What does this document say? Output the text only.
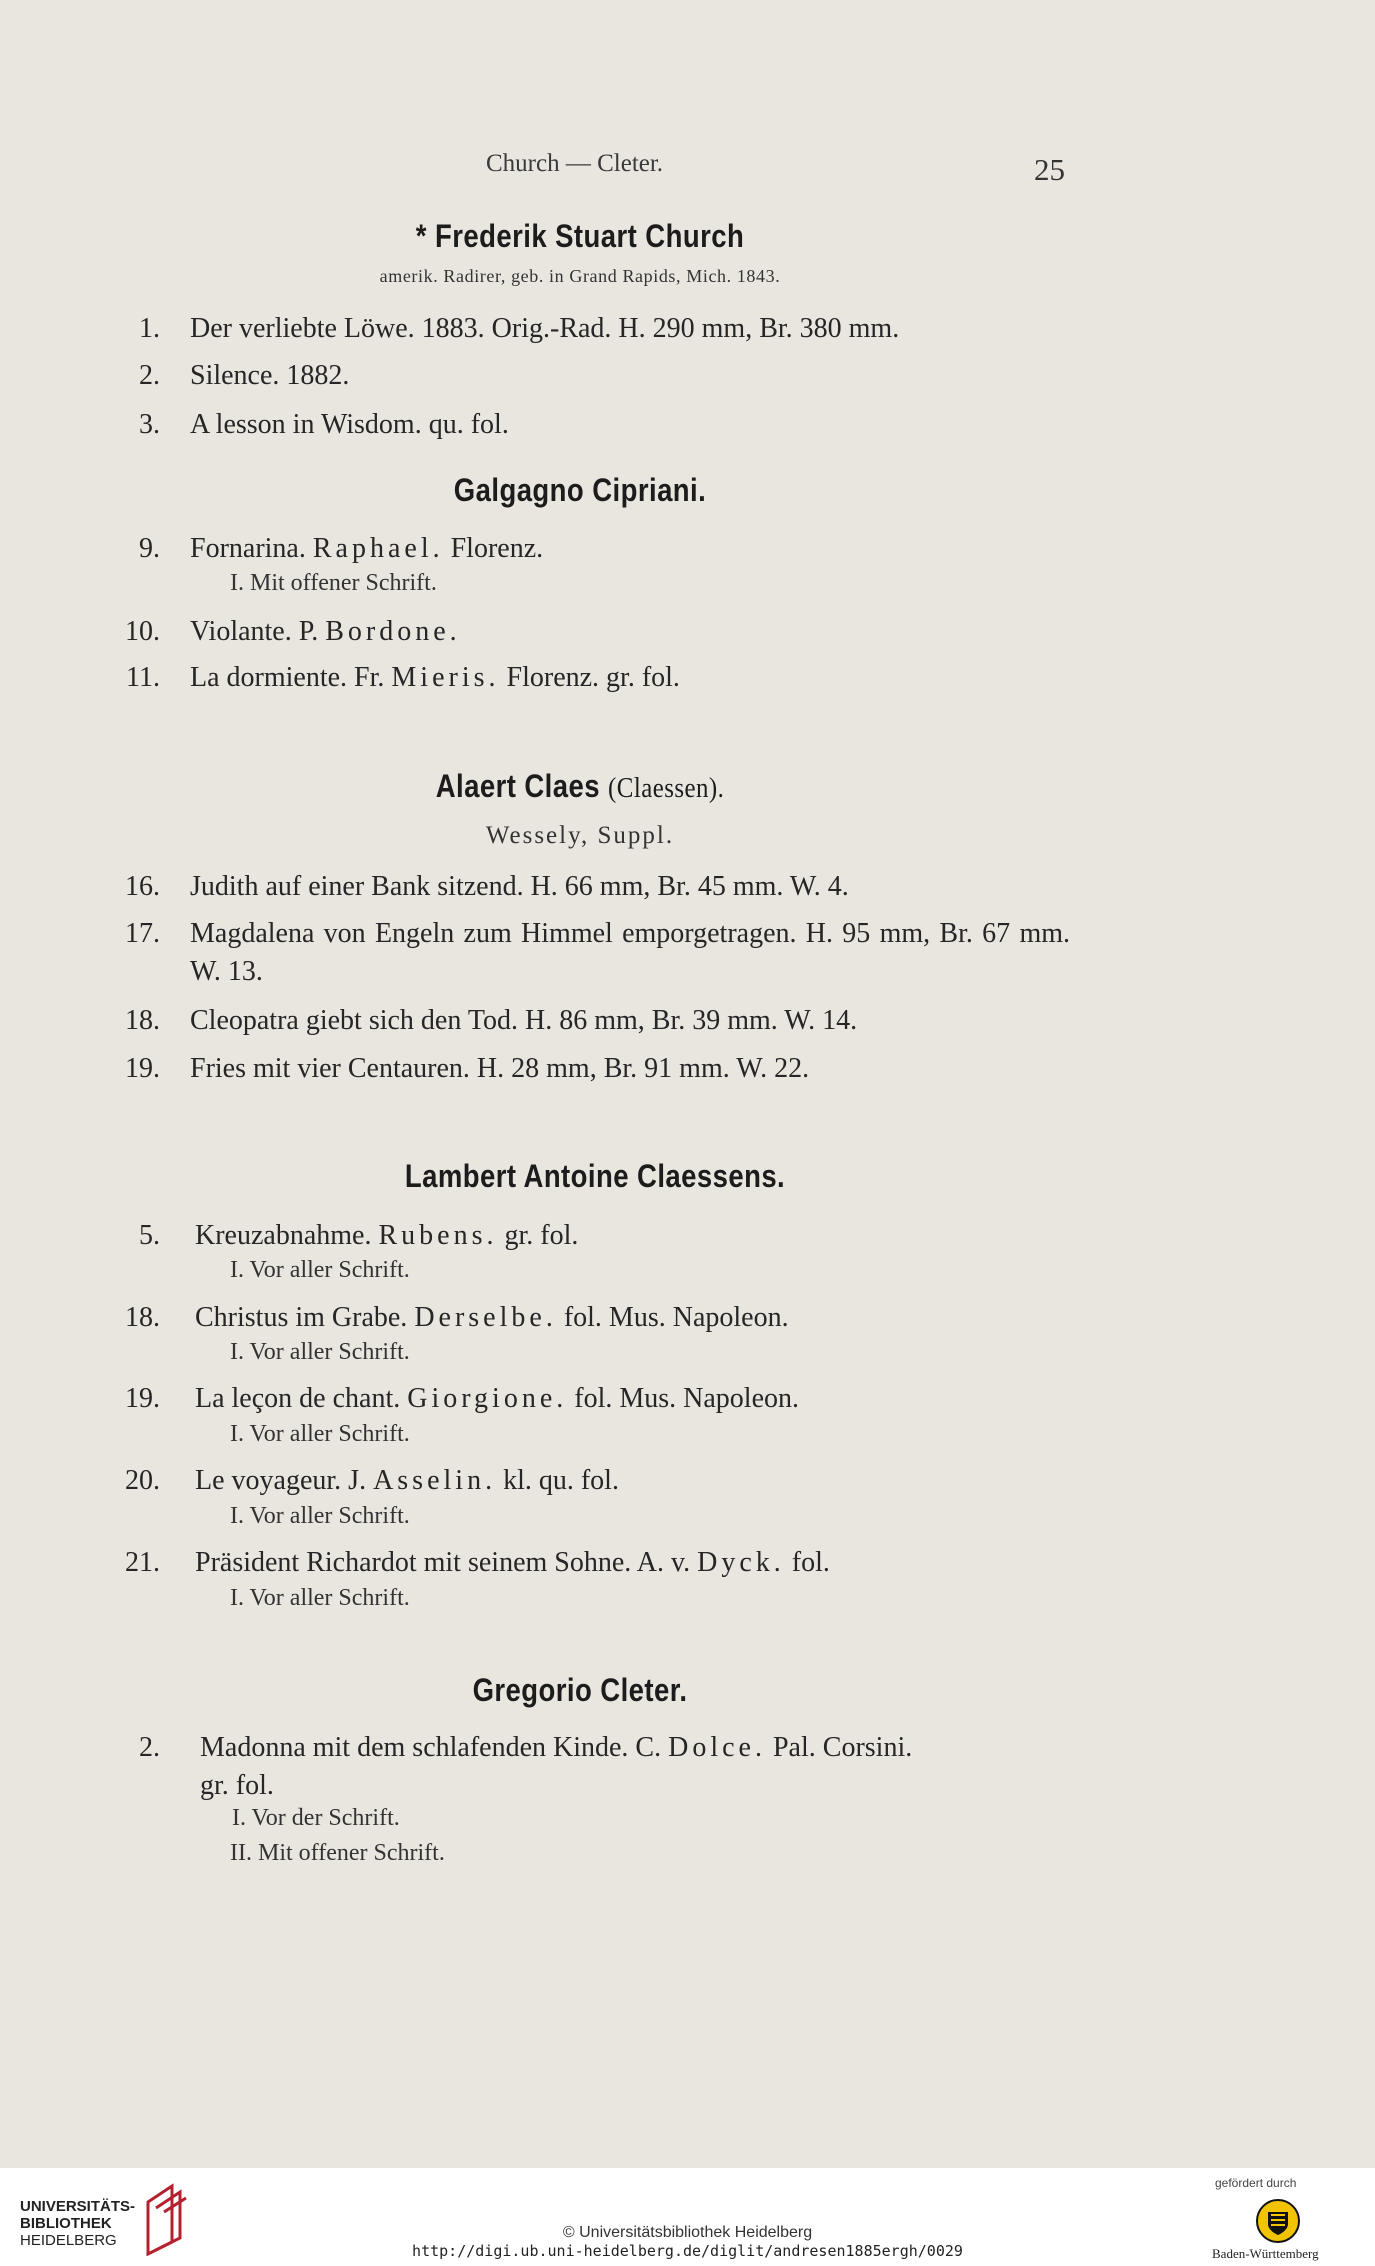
Church — Cleter.	25
* Frederik Stuart Church
amerik. Radirer, geb. in Grand Rapids, Mich. 1843.
1. Der verliebte Löwe. 1883. Orig.-Rad. H. 290 mm, Br. 380 mm.
2. Silence. 1882.
3. A lesson in Wisdom. qu. fol.
Galgagno Cipriani.
9. Fornarina. Raphael. Florenz.
I. Mit offener Schrift.
10. Violante. P. Bordone.
11. La dormiente. Fr. Mieris. Florenz. gr. fol.
Alaert Claes (Claessen).
Wessely, Suppl.
16. Judith auf einer Bank sitzend. H. 66 mm, Br. 45 mm. W. 4.
17. Magdalena von Engeln zum Himmel emporgetragen. H. 95 mm, Br. 67 mm. W. 13.
18. Cleopatra giebt sich den Tod. H. 86 mm, Br. 39 mm. W. 14.
19. Fries mit vier Centauren. H. 28 mm, Br. 91 mm. W. 22.
Lambert Antoine Claessens.
5. Kreuzabnahme. Rubens. gr. fol.
I. Vor aller Schrift.
18. Christus im Grabe. Derselbe. fol. Mus. Napoleon.
I. Vor aller Schrift.
19. La leçon de chant. Giorgione. fol. Mus. Napoleon.
I. Vor aller Schrift.
20. Le voyageur. J. Asselin. kl. qu. fol.
I. Vor aller Schrift.
21. Präsident Richardot mit seinem Sohne. A. v. Dyck. fol.
I. Vor aller Schrift.
Gregorio Cleter.
2. Madonna mit dem schlafenden Kinde. C. Dolce. Pal. Corsini.
gr. fol.
I. Vor der Schrift.
II. Mit offener Schrift.
UNIVERSITÄTS-
BIBLIOTHEK
HEIDELBERG	© Universitätsbibliothek Heidelberg
http://digi.ub.uni-heidelberg.de/diglit/andresen1885ergh/0029
gefördert durch
Baden-Württemberg
